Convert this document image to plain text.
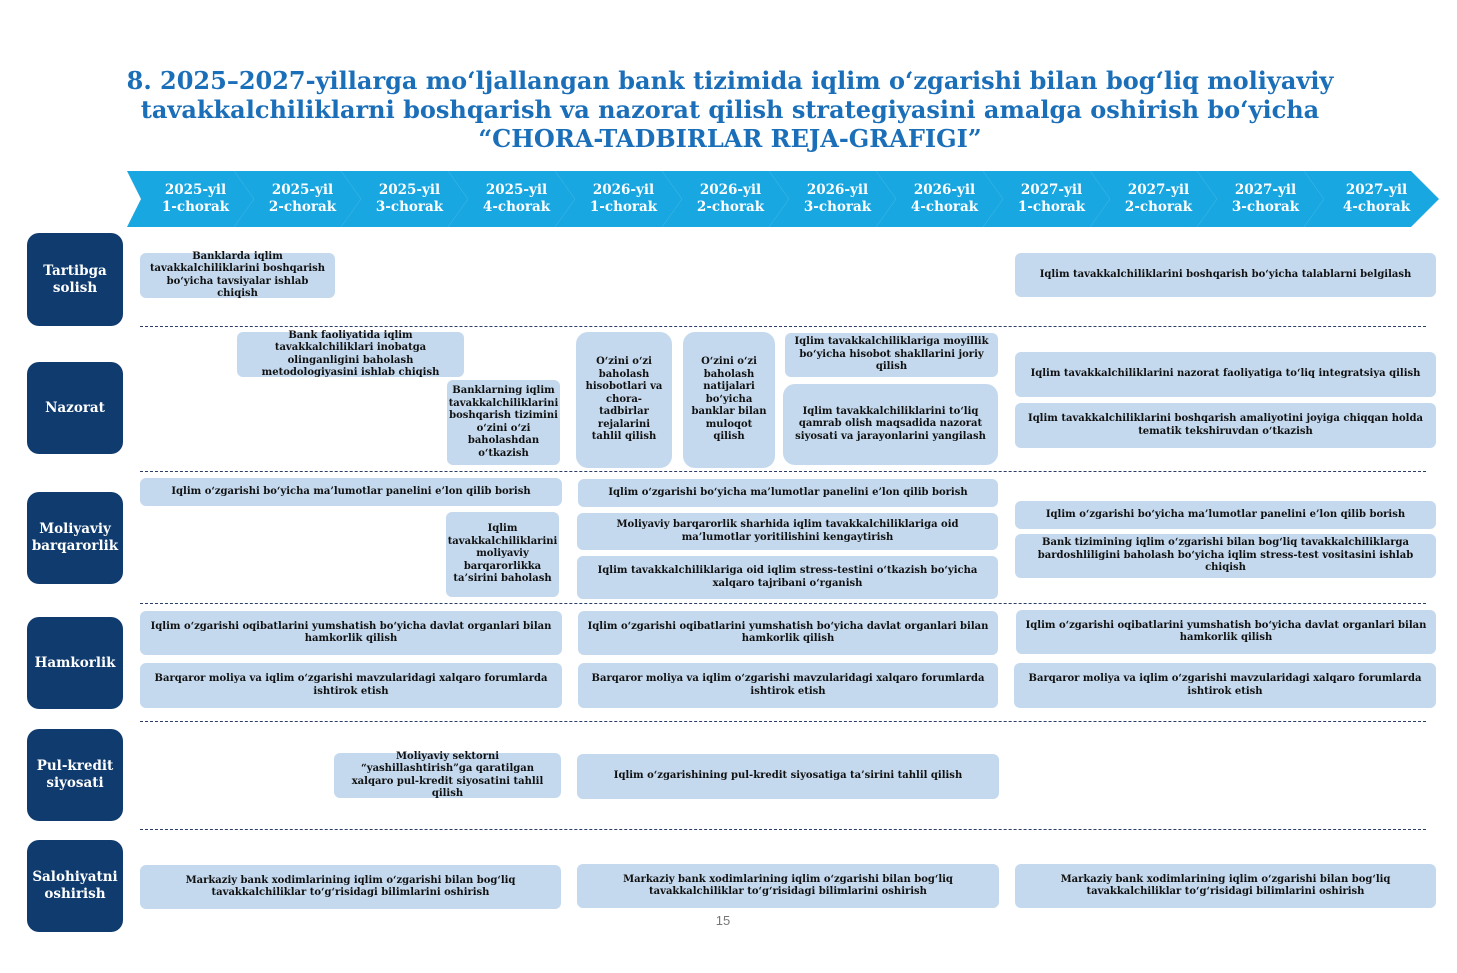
8. 2025–2027-yillarga mo‘ljallangan bank tizimida iqlim o‘zgarishi bilan bog‘liq moliyaviy
tavakkalchiliklarni boshqarish va nazorat qilish strategiyasini amalga oshirish bo‘yicha
“CHORA-TADBIRLAR REJA-GRAFIGI”
2025-yil
1-chorak
2025-yil
2-chorak
2025-yil
3-chorak
2025-yil
4-chorak
2026-yil
1-chorak
2026-yil
2-chorak
2026-yil
3-chorak
2026-yil
4-chorak
2027-yil
1-chorak
2027-yil
2-chorak
2027-yil
3-chorak
2027-yil
4-chorak
Tartibga solish
Nazorat
Moliyaviy barqarorlik
Hamkorlik
Pul-kredit siyosati
Salohiyatni oshirish
Banklarda iqlim tavakkalchiliklarini boshqarish bo‘yicha tavsiyalar ishlab chiqish
Iqlim tavakkalchiliklarini boshqarish bo‘yicha talablarni belgilash
Bank faoliyatida iqlim tavakkalchiliklari inobatga olinganligini baholash metodologiyasini ishlab chiqish
Banklarning iqlim tavakkalchiliklarini boshqarish tizimini o‘zini o‘zi baholashdan o‘tkazish
O‘zini o‘zi baholash hisobotlari va chora-tadbirlar rejalarini tahlil qilish
O‘zini o‘zi baholash natijalari bo‘yicha banklar bilan muloqot qilish
Iqlim tavakkalchiliklariga moyillik bo‘yicha hisobot shakllarini joriy qilish
Iqlim tavakkalchiliklarini to‘liq qamrab olish maqsadida nazorat siyosati va jarayonlarini yangilash
Iqlim tavakkalchiliklarini nazorat faoliyatiga to‘liq integratsiya qilish
Iqlim tavakkalchiliklarini boshqarish amaliyotini joyiga chiqqan holda tematik tekshiruvdan o‘tkazish
Iqlim o‘zgarishi bo‘yicha ma’lumotlar panelini e’lon qilib borish	Iqlim o‘zgarishi bo‘yicha ma’lumotlar panelini e’lon qilib borish
Iqlim tavakkalchiliklarini moliyaviy barqarorlikka ta’sirini baholash
Moliyaviy barqarorlik sharhida iqlim tavakkalchiliklariga oid ma’lumotlar yoritilishini kengaytirish
Iqlim tavakkalchiliklariga oid iqlim stress-testini o‘tkazish bo‘yicha xalqaro tajribani o‘rganish
Iqlim o‘zgarishi bo‘yicha ma’lumotlar panelini e’lon qilib borish
Bank tizimining iqlim o‘zgarishi bilan bog‘liq tavakkalchiliklarga bardoshliligini baholash bo‘yicha iqlim stress-test vositasini ishlab chiqish
Iqlim o‘zgarishi oqibatlarini yumshatish bo‘yicha davlat organlari bilan hamkorlik qilish
Iqlim o‘zgarishi oqibatlarini yumshatish bo‘yicha davlat organlari bilan hamkorlik qilish
Iqlim o‘zgarishi oqibatlarini yumshatish bo‘yicha davlat organlari bilan hamkorlik qilish
Barqaror moliya va iqlim o‘zgarishi mavzularidagi xalqaro forumlarda ishtirok etish
Barqaror moliya va iqlim o‘zgarishi mavzularidagi xalqaro forumlarda ishtirok etish
Barqaror moliya va iqlim o‘zgarishi mavzularidagi xalqaro forumlarda ishtirok etish
Moliyaviy sektorni “yashillashtirish”ga qaratilgan xalqaro pul-kredit siyosatini tahlil qilish
Iqlim o‘zgarishining pul-kredit siyosatiga ta’sirini tahlil qilish
Markaziy bank xodimlarining iqlim o‘zgarishi bilan bog‘liq tavakkalchiliklar to‘g‘risidagi bilimlarini oshirish
Markaziy bank xodimlarining iqlim o‘zgarishi bilan bog‘liq tavakkalchiliklar to‘g‘risidagi bilimlarini oshirish
Markaziy bank xodimlarining iqlim o‘zgarishi bilan bog‘liq tavakkalchiliklar to‘g‘risidagi bilimlarini oshirish
15
